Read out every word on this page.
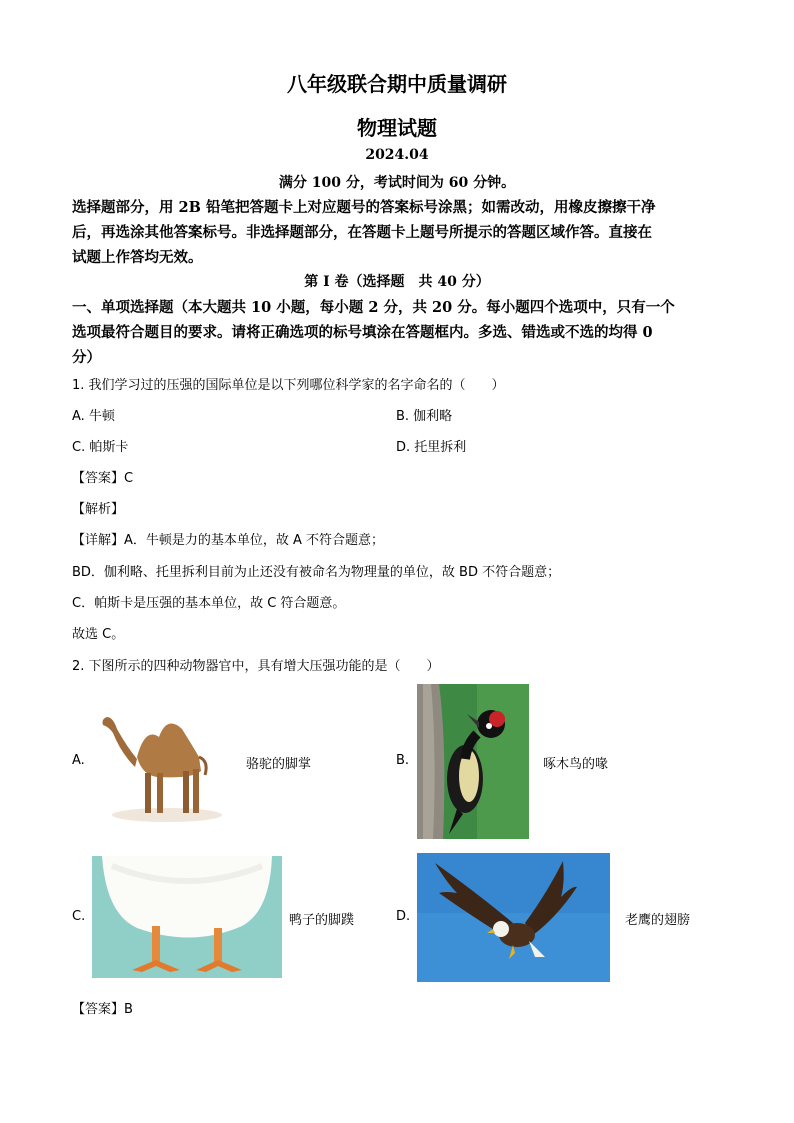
八年级联合期中质量调研
物理试题
2024.04
满分 100 分，考试时间为 60 分钟。
选择题部分，用 2B 铅笔把答题卡上对应题号的答案标号涂黑；如需改动，用橡皮擦擦干净
后，再选涂其他答案标号。非选择题部分，在答题卡上题号所提示的答题区域作答。直接在
试题上作答均无效。
第 I 卷（选择题　共 40 分）
一、单项选择题（本大题共 10 小题，每小题 2 分，共 20 分。每小题四个选项中，只有一个
选项最符合题目的要求。请将正确选项的标号填涂在答题框内。多选、错选或不选的均得 0
分）
1. 我们学习过的压强的国际单位是以下列哪位科学家的名字命名的（　　）
A. 牛顿	B. 伽利略
C. 帕斯卡	D. 托里拆利
【答案】C
【解析】
【详解】A．牛顿是力的基本单位，故 A 不符合题意；
BD．伽利略、托里拆利目前为止还没有被命名为物理量的单位，故 BD 不符合题意；
C．帕斯卡是压强的基本单位，故 C 符合题意。
故选 C。
2. 下图所示的四种动物器官中，具有增大压强功能的是（　　）
A.	骆驼的脚掌	B.	啄木鸟的喙
C.	鸭子的脚蹼	D.	老鹰的翅膀
【答案】B
